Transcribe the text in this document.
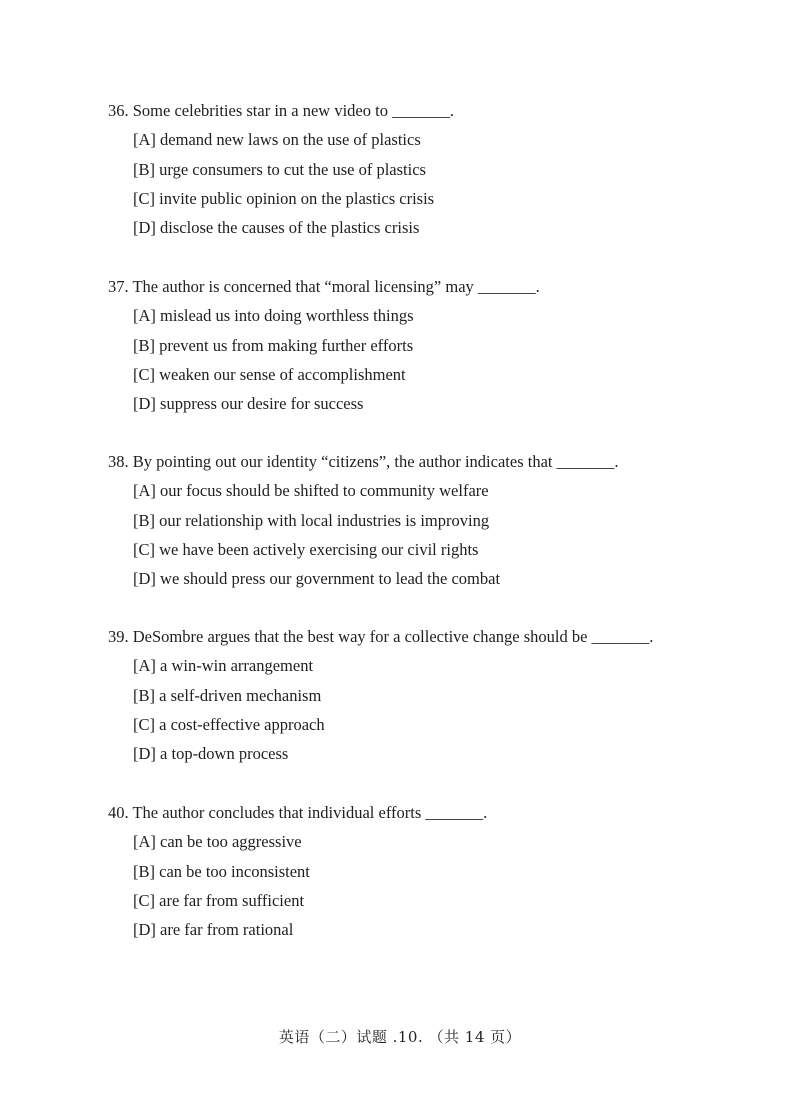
36. Some celebrities star in a new video to _______.
[A] demand new laws on the use of plastics
[B] urge consumers to cut the use of plastics
[C] invite public opinion on the plastics crisis
[D] disclose the causes of the plastics crisis
37. The author is concerned that “moral licensing” may _______.
[A] mislead us into doing worthless things
[B] prevent us from making further efforts
[C] weaken our sense of accomplishment
[D] suppress our desire for success
38. By pointing out our identity “citizens”, the author indicates that _______.
[A] our focus should be shifted to community welfare
[B] our relationship with local industries is improving
[C] we have been actively exercising our civil rights
[D] we should press our government to lead the combat
39. DeSombre argues that the best way for a collective change should be _______.
[A] a win-win arrangement
[B] a self-driven mechanism
[C] a cost-effective approach
[D] a top-down process
40. The author concludes that individual efforts _______.
[A] can be too aggressive
[B] can be too inconsistent
[C] are far from sufficient
[D] are far from rational
英语（二）试题 .10. （共 14 页）
